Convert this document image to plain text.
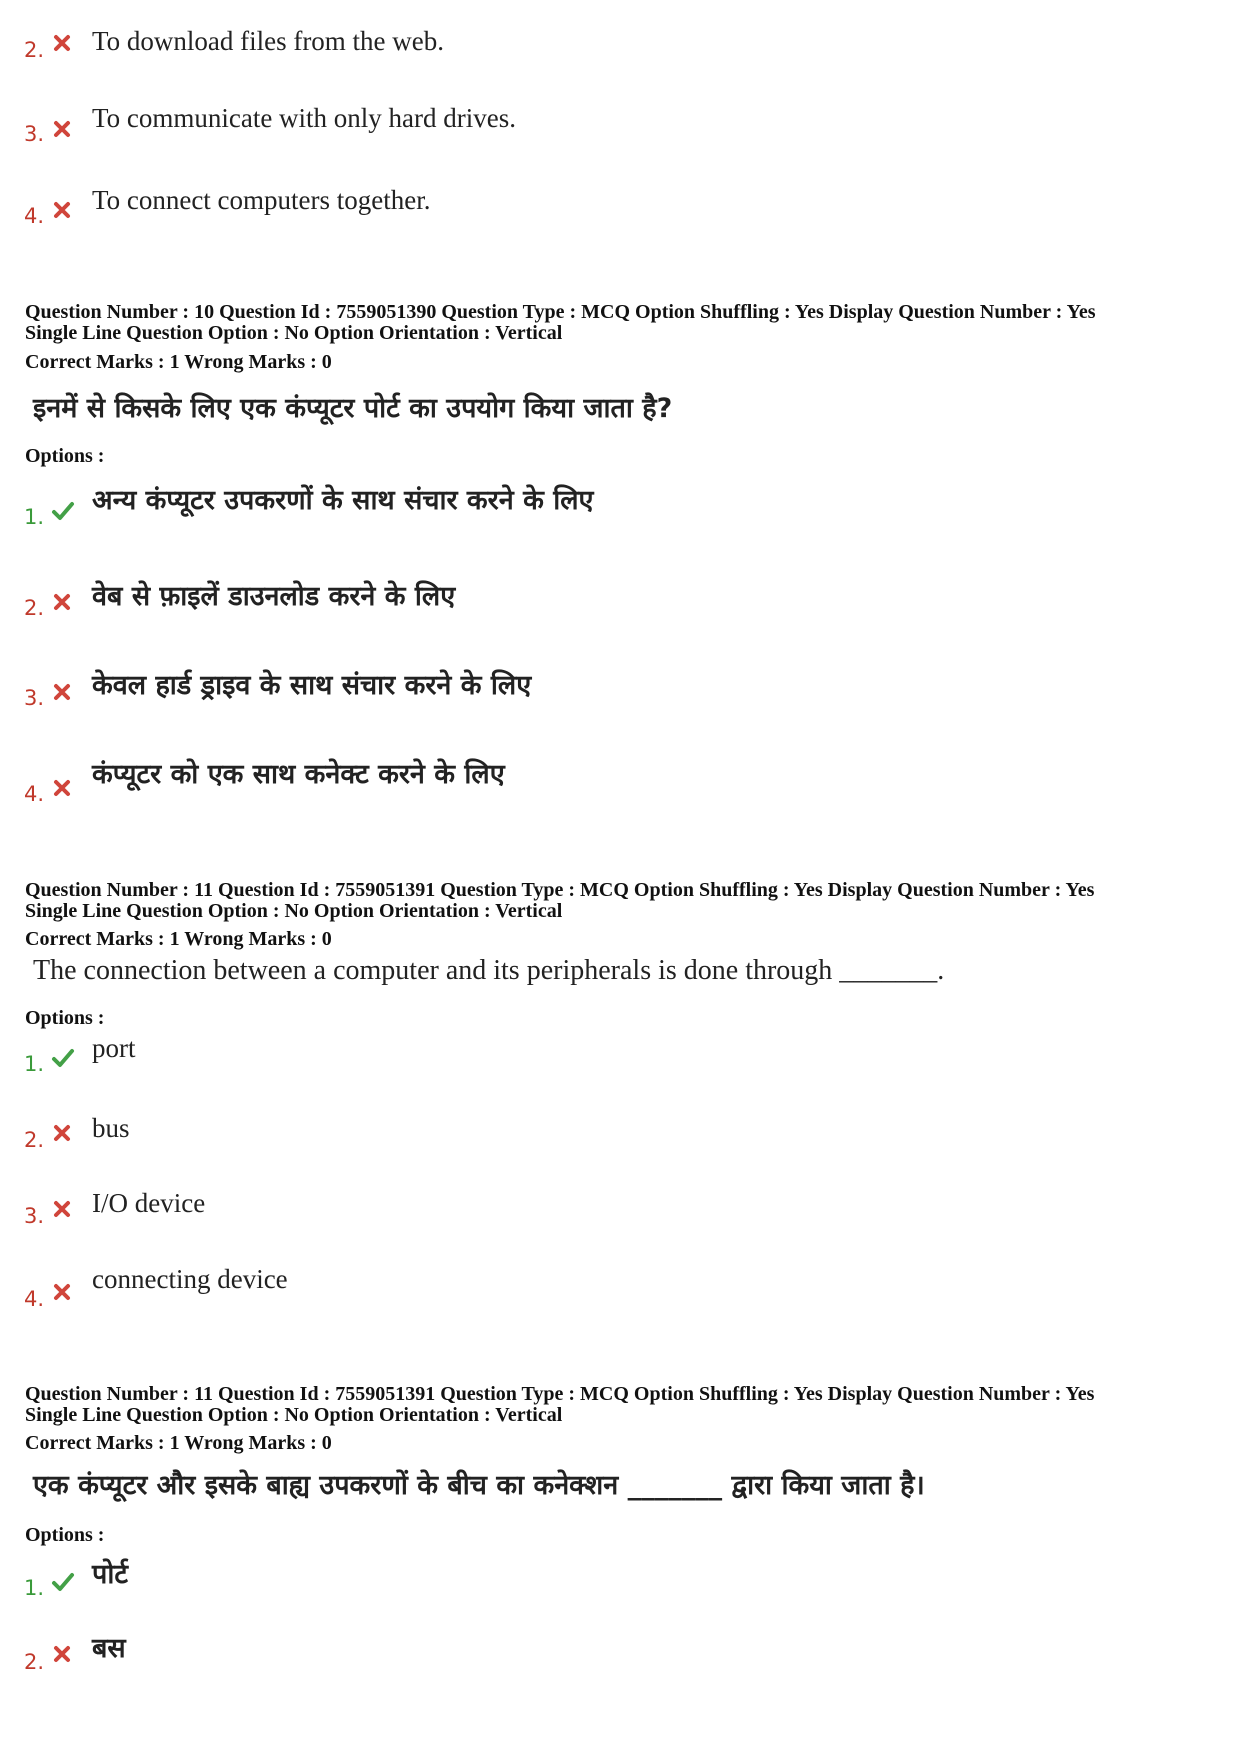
2. To download files from the web.
3.
To communicate with only hard drives.
4.
To connect computers together.
Question Number : 10 Question Id : 7559051390 Question Type : MCQ Option Shuffling : Yes Display Question Number : Yes
Single Line Question Option : No Option Orientation : Vertical
Correct Marks : 1 Wrong Marks : 0
इनमें से किसके लिए एक कंप्यूटर पोर्ट का उपयोग किया जाता है?
Options :
1.
अन्य कंप्यूटर उपकरणों के साथ संचार करने के लिए
2. वेब से फ़ाइलें डाउनलोड करने के लिए
3. केवल हार्ड ड्राइव के साथ संचार करने के लिए
4.
कंप्यूटर को एक साथ कनेक्ट करने के लिए
Question Number : 11 Question Id : 7559051391 Question Type : MCQ Option Shuffling : Yes Display Question Number : Yes
Single Line Question Option : No Option Orientation : Vertical
Correct Marks : 1 Wrong Marks : 0
The connection between a computer and its peripherals is done through _______.
Options :
1.
port
2. bus
3. I/O device
4.
connecting device
Question Number : 11 Question Id : 7559051391 Question Type : MCQ Option Shuffling : Yes Display Question Number : Yes
Single Line Question Option : No Option Orientation : Vertical
Correct Marks : 1 Wrong Marks : 0
एक कंप्यूटर और इसके बाह्य उपकरणों के बीच का कनेक्शन _______ द्वारा किया जाता है।
Options :
1. पोर्ट
2. बस
